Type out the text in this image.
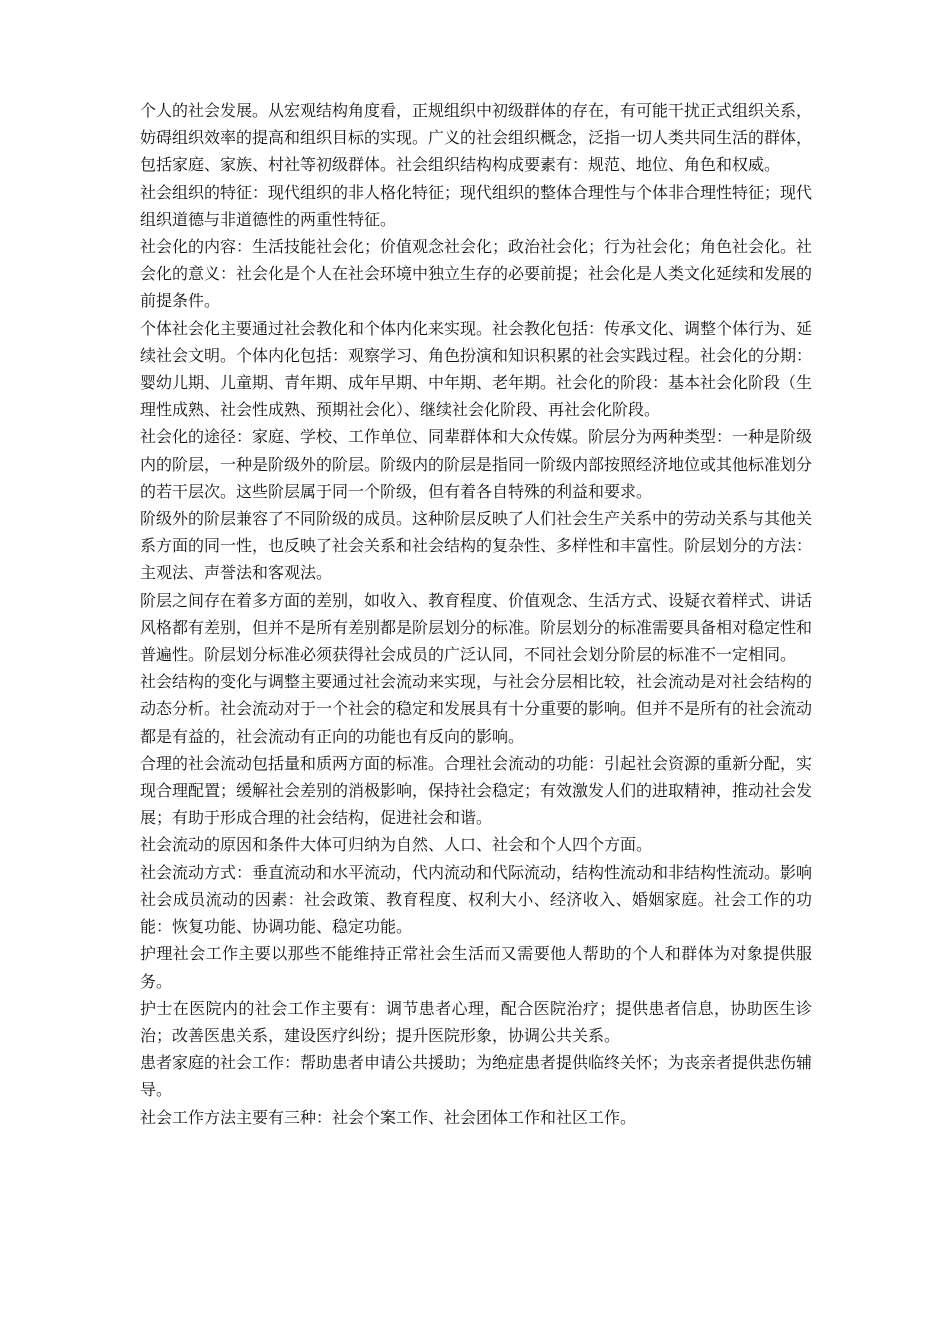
个人的社会发展。从宏观结构角度看，正规组织中初级群体的存在，有可能干扰正式组织关系，妨碍组织效率的提高和组织目标的实现。广义的社会组织概念，泛指一切人类共同生活的群体，包括家庭、家族、村社等初级群体。社会组织结构构成要素有：规范、地位、角色和权威。

社会组织的特征：现代组织的非人格化特征；现代组织的整体合理性与个体非合理性特征；现代组织道德与非道德性的两重性特征。

社会化的内容：生活技能社会化；价值观念社会化；政治社会化；行为社会化；角色社会化。社会化的意义：社会化是个人在社会环境中独立生存的必要前提；社会化是人类文化延续和发展的前提条件。

个体社会化主要通过社会教化和个体内化来实现。社会教化包括：传承文化、调整个体行为、延续社会文明。个体内化包括：观察学习、角色扮演和知识积累的社会实践过程。社会化的分期：婴幼儿期、儿童期、青年期、成年早期、中年期、老年期。社会化的阶段：基本社会化阶段（生理性成熟、社会性成熟、预期社会化）、继续社会化阶段、再社会化阶段。

社会化的途径：家庭、学校、工作单位、同辈群体和大众传媒。阶层分为两种类型：一种是阶级内的阶层，一种是阶级外的阶层。阶级内的阶层是指同一阶级内部按照经济地位或其他标准划分的若干层次。这些阶层属于同一个阶级，但有着各自特殊的利益和要求。

阶级外的阶层兼容了不同阶级的成员。这种阶层反映了人们社会生产关系中的劳动关系与其他关系方面的同一性，也反映了社会关系和社会结构的复杂性、多样性和丰富性。阶层划分的方法：主观法、声誉法和客观法。

阶层之间存在着多方面的差别，如收入、教育程度、价值观念、生活方式、设疑衣着样式、讲话风格都有差别，但并不是所有差别都是阶层划分的标准。阶层划分的标准需要具备相对稳定性和普遍性。阶层划分标准必须获得社会成员的广泛认同，不同社会划分阶层的标准不一定相同。

社会结构的变化与调整主要通过社会流动来实现，与社会分层相比较，社会流动是对社会结构的动态分析。社会流动对于一个社会的稳定和发展具有十分重要的影响。但并不是所有的社会流动都是有益的，社会流动有正向的功能也有反向的影响。

合理的社会流动包括量和质两方面的标准。合理社会流动的功能：引起社会资源的重新分配，实现合理配置；缓解社会差别的消极影响，保持社会稳定；有效激发人们的进取精神，推动社会发展；有助于形成合理的社会结构，促进社会和谐。

社会流动的原因和条件大体可归纳为自然、人口、社会和个人四个方面。

社会流动方式：垂直流动和水平流动，代内流动和代际流动，结构性流动和非结构性流动。影响社会成员流动的因素：社会政策、教育程度、权利大小、经济收入、婚姻家庭。社会工作的功能：恢复功能、协调功能、稳定功能。

护理社会工作主要以那些不能维持正常社会生活而又需要他人帮助的个人和群体为对象提供服务。

护士在医院内的社会工作主要有：调节患者心理，配合医院治疗；提供患者信息，协助医生诊治；改善医患关系，建设医疗纠纷；提升医院形象，协调公共关系。

患者家庭的社会工作：帮助患者申请公共援助；为绝症患者提供临终关怀；为丧亲者提供悲伤辅导。

社会工作方法主要有三种：社会个案工作、社会团体工作和社区工作。
